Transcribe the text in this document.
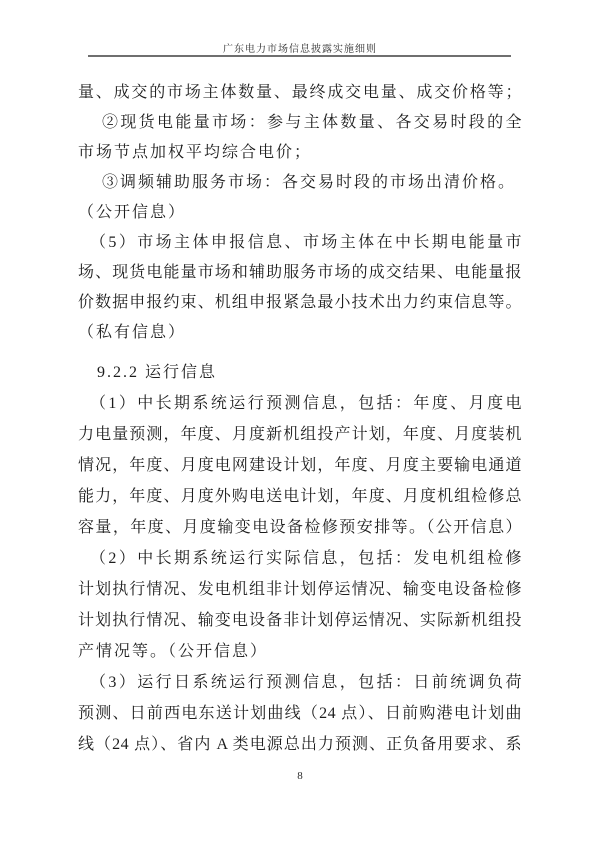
广东电力市场信息披露实施细则
量、成交的市场主体数量、最终成交电量、成交价格等；
②现货电能量市场：参与主体数量、各交易时段的全
市场节点加权平均综合电价；
③调频辅助服务市场：各交易时段的市场出清价格。
（公开信息）
（5）市场主体申报信息、市场主体在中长期电能量市
场、现货电能量市场和辅助服务市场的成交结果、电能量报
价数据申报约束、机组申报紧急最小技术出力约束信息等。
（私有信息）
9.2.2 运行信息
（1）中长期系统运行预测信息，包括：年度、月度电
力电量预测，年度、月度新机组投产计划，年度、月度装机
情况，年度、月度电网建设计划，年度、月度主要输电通道
能力，年度、月度外购电送电计划，年度、月度机组检修总
容量，年度、月度输变电设备检修预安排等。（公开信息）
（2）中长期系统运行实际信息，包括：发电机组检修
计划执行情况、发电机组非计划停运情况、输变电设备检修
计划执行情况、输变电设备非计划停运情况、实际新机组投
产情况等。（公开信息）
（3）运行日系统运行预测信息，包括：日前统调负荷
预测、日前西电东送计划曲线（24 点）、日前购港电计划曲
线（24 点）、省内 A 类电源总出力预测、正负备用要求、系
8
